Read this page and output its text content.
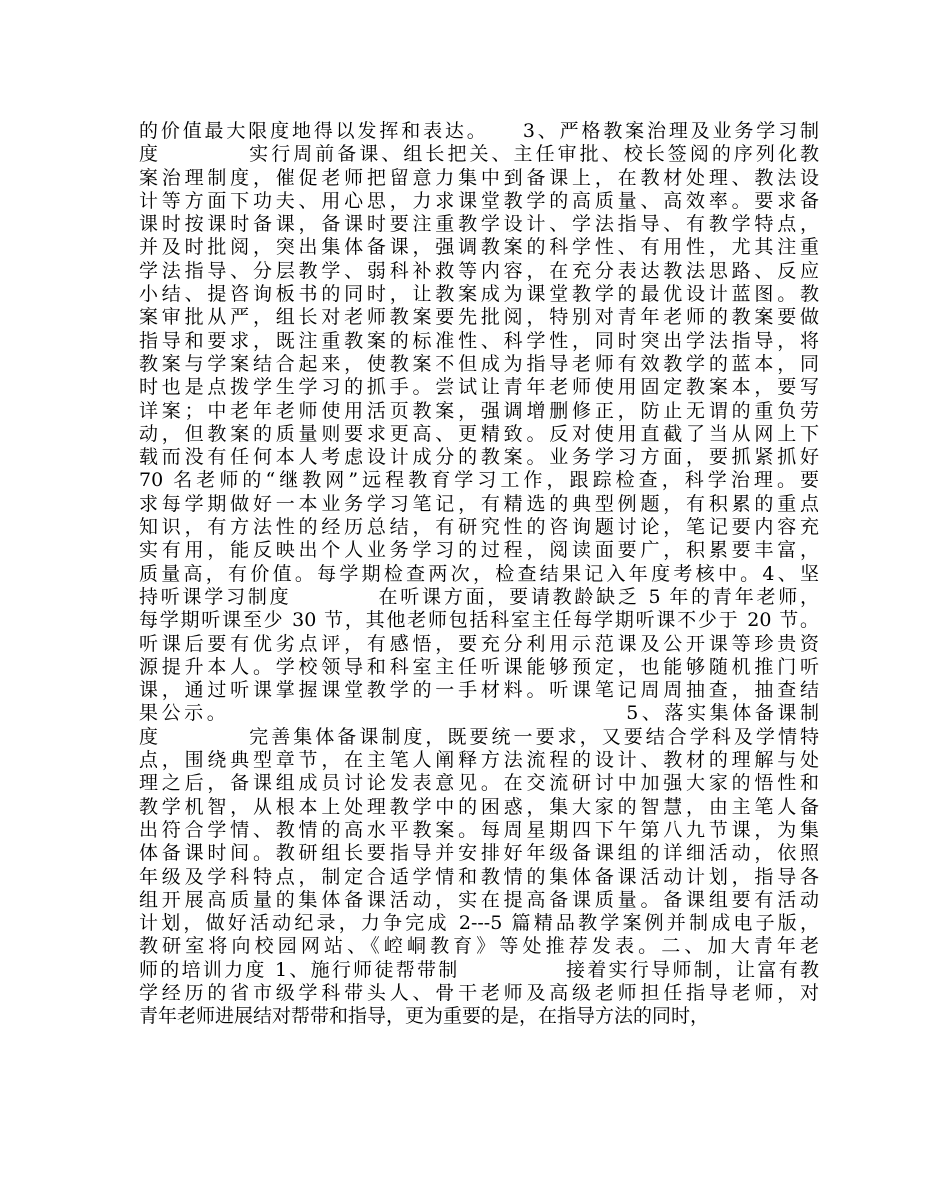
的价值最大限度地得以发挥和表达。　　3、严格教案治理及业务学习制
度　　　　实行周前备课、组长把关、主任审批、校长签阅的序列化教
案治理制度，催促老师把留意力集中到备课上，在教材处理、教法设
计等方面下功夫、用心思，力求课堂教学的高质量、高效率。要求备
课时按课时备课，备课时要注重教学设计、学法指导、有教学特点，
并及时批阅，突出集体备课，强调教案的科学性、有用性，尤其注重
学法指导、分层教学、弱科补救等内容，在充分表达教法思路、反应
小结、提咨询板书的同时，让教案成为课堂教学的最优设计蓝图。教
案审批从严，组长对老师教案要先批阅，特别对青年老师的教案要做
指导和要求，既注重教案的标准性、科学性，同时突出学法指导，将
教案与学案结合起来，使教案不但成为指导老师有效教学的蓝本，同
时也是点拨学生学习的抓手。尝试让青年老师使用固定教案本，要写
详案；中老年老师使用活页教案，强调增删修正，防止无谓的重负劳
动，但教案的质量则要求更高、更精致。反对使用直截了当从网上下
载而没有任何本人考虑设计成分的教案。业务学习方面，要抓紧抓好
70 名老师的“继教网”远程教育学习工作，跟踪检查，科学治理。要
求每学期做好一本业务学习笔记，有精选的典型例题，有积累的重点
知识，有方法性的经历总结，有研究性的咨询题讨论，笔记要内容充
实有用，能反映出个人业务学习的过程，阅读面要广，积累要丰富，
质量高，有价值。每学期检查两次，检查结果记入年度考核中。4、坚
持听课学习制度　　　　在听课方面，要请教龄缺乏 5 年的青年老师，
每学期听课至少 30 节，其他老师包括科室主任每学期听课不少于 20 节。
听课后要有优劣点评，有感悟，要充分利用示范课及公开课等珍贵资
源提升本人。学校领导和科室主任听课能够预定，也能够随机推门听
课，通过听课掌握课堂教学的一手材料。听课笔记周周抽查，抽查结
果公示。　　　　　　　　　　　　　　　　　　5、落实集体备课制
度　　　　完善集体备课制度，既要统一要求，又要结合学科及学情特
点，围绕典型章节，在主笔人阐释方法流程的设计、教材的理解与处
理之后，备课组成员讨论发表意见。在交流研讨中加强大家的悟性和
教学机智，从根本上处理教学中的困惑，集大家的智慧，由主笔人备
出符合学情、教情的高水平教案。每周星期四下午第八九节课，为集
体备课时间。教研组长要指导并安排好年级备课组的详细活动，依照
年级及学科特点，制定合适学情和教情的集体备课活动计划，指导各
组开展高质量的集体备课活动，实在提高备课质量。备课组要有活动
计划，做好活动纪录，力争完成 2---5 篇精品教学案例并制成电子版，
教研室将向校园网站、《崆峒教育》等处推荐发表。二、加大青年老
师的培训力度 1、施行师徒帮带制　　　　　接着实行导师制，让富有教
学经历的省市级学科带头人、骨干老师及高级老师担任指导老师，对
青年老师进展结对帮带和指导，更为重要的是，在指导方法的同时，
